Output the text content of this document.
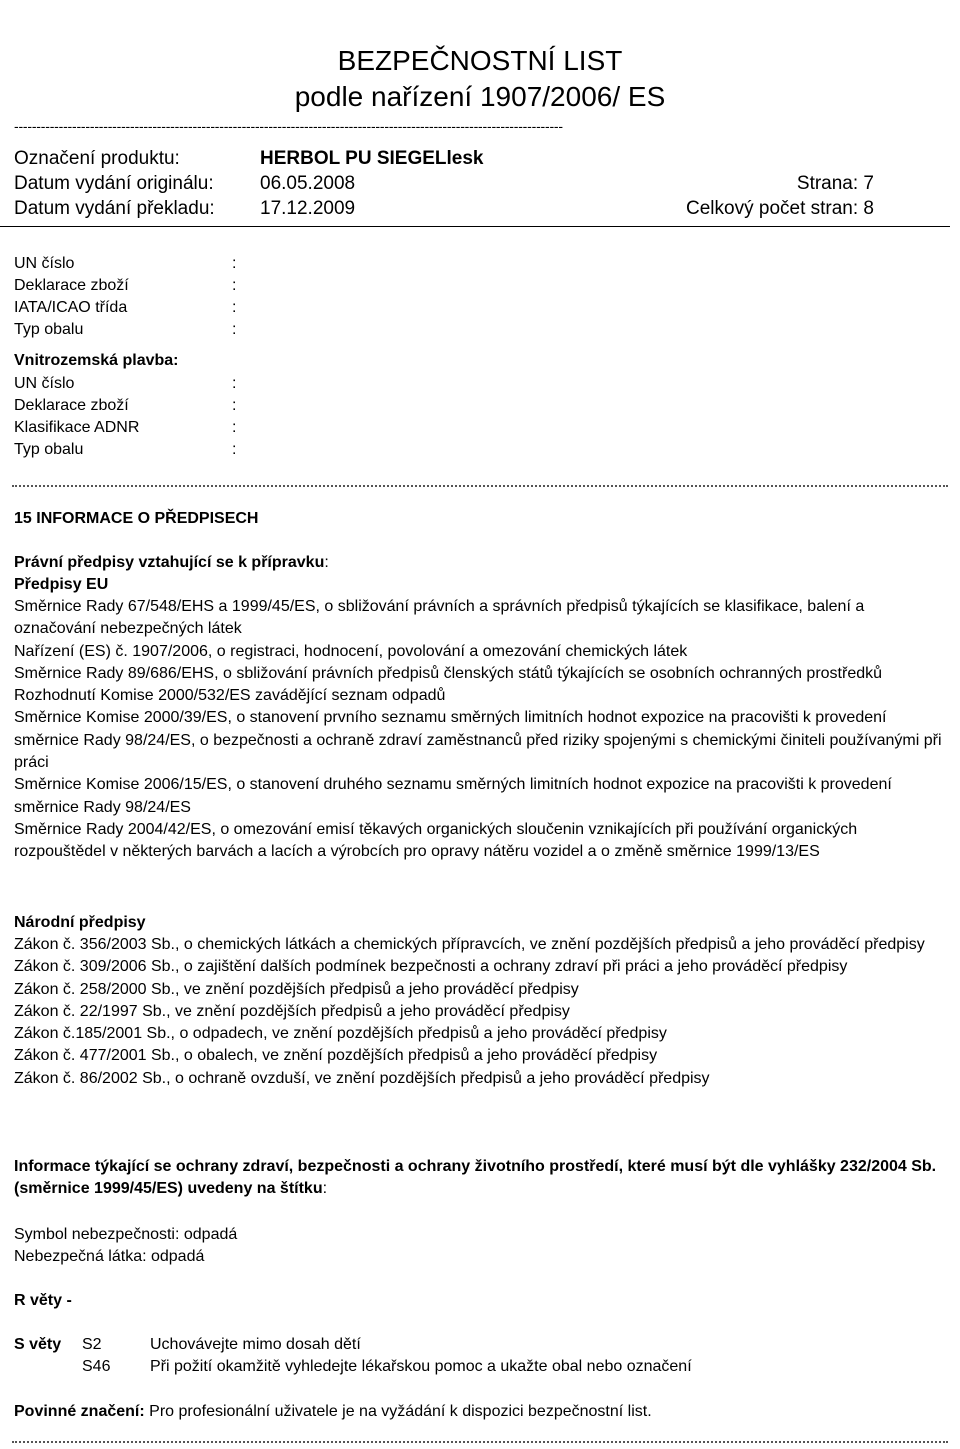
BEZPEČNOSTNÍ LIST
podle nařízení 1907/2006/ ES
---------------------------------------------------------------------------------------------------------------------------
Označení produktu:	HERBOL PU SIEGELlesk
Datum vydání originálu: 06.05.2008	Strana: 7
Datum vydání překladu: 17.12.2009	Celkový počet stran: 8
UN číslo	:
Deklarace zboží	:
IATA/ICAO třída	:
Typ obalu	:
Vnitrozemská plavba:
UN číslo	:
Deklarace zboží	:
Klasifikace ADNR	:
Typ obalu	:
15 INFORMACE O PŘEDPISECH
Právní předpisy vztahující se k přípravku:
Předpisy EU
Směrnice Rady 67/548/EHS a 1999/45/ES, o sbližování právních a správních předpisů týkajících se klasifikace, balení a označování nebezpečných látek
Nařízení (ES) č. 1907/2006, o registraci, hodnocení, povolování a omezování chemických látek
Směrnice Rady 89/686/EHS, o sbližování právních předpisů členských států týkajících se osobních ochranných prostředků
Rozhodnutí Komise 2000/532/ES zavádějící seznam odpadů
Směrnice Komise 2000/39/ES, o stanovení prvního seznamu směrných limitních hodnot expozice na pracovišti k provedení směrnice Rady 98/24/ES, o bezpečnosti a ochraně zdraví zaměstnanců před riziky spojenými s chemickými činiteli používanými při práci
Směrnice Komise 2006/15/ES, o stanovení druhého seznamu směrných limitních hodnot expozice na pracovišti k provedení směrnice Rady 98/24/ES
Směrnice Rady 2004/42/ES, o omezování emisí těkavých organických sloučenin vznikajících při používání organických rozpouštědel v některých barvách a lacích a výrobcích pro opravy nátěru vozidel a o změně směrnice 1999/13/ES
Národní předpisy
Zákon č. 356/2003 Sb., o chemických látkách a chemických přípravcích, ve znění pozdějších předpisů a jeho prováděcí předpisy
Zákon č. 309/2006 Sb., o zajištění dalších podmínek bezpečnosti a ochrany zdraví při práci a jeho prováděcí předpisy
Zákon č. 258/2000 Sb., ve znění pozdějších předpisů a jeho prováděcí předpisy
Zákon č. 22/1997 Sb., ve znění pozdějších předpisů a jeho prováděcí předpisy
Zákon č.185/2001 Sb., o odpadech, ve znění pozdějších předpisů a jeho prováděcí předpisy
Zákon č. 477/2001 Sb., o obalech, ve znění pozdějších předpisů a jeho prováděcí předpisy
Zákon č. 86/2002 Sb., o ochraně ovzduší, ve znění pozdějších předpisů a jeho prováděcí předpisy
Informace týkající se ochrany zdraví, bezpečnosti a ochrany životního prostředí, které musí být dle vyhlášky 232/2004 Sb. (směrnice 1999/45/ES) uvedeny na štítku:
Symbol nebezpečnosti: odpadá
Nebezpečná látka: odpadá
R věty -
S věty S2	Uchovávejte mimo dosah dětí
S46 Při požití okamžitě vyhledejte lékařskou pomoc a ukažte obal nebo označení
Povinné značení: Pro profesionální uživatele je na vyžádání k dispozici bezpečnostní list.
